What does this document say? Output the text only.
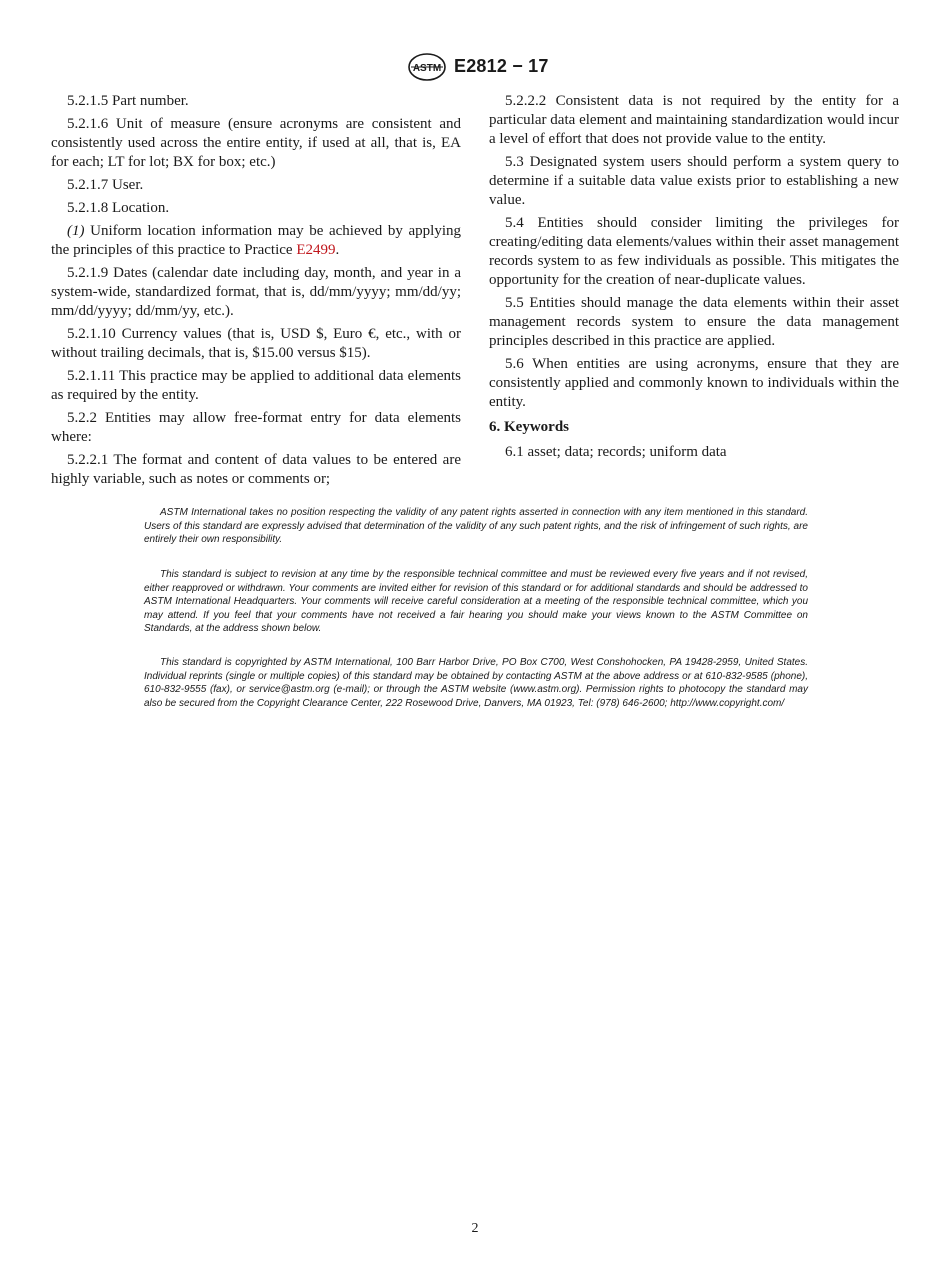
ASTM E2812 − 17

5.2.1.5 Part number.

5.2.1.6 Unit of measure (ensure acronyms are consistent and consistently used across the entire entity, if used at all, that is, EA for each; LT for lot; BX for box; etc.)

5.2.1.7 User.

5.2.1.8 Location.

(1) Uniform location information may be achieved by applying the principles of this practice to Practice E2499.

5.2.1.9 Dates (calendar date including day, month, and year in a system-wide, standardized format, that is, dd/mm/yyyy; mm/dd/yy; mm/dd/yyyy; dd/mm/yy, etc.).

5.2.1.10 Currency values (that is, USD $, Euro €, etc., with or without trailing decimals, that is, $15.00 versus $15).

5.2.1.11 This practice may be applied to additional data elements as required by the entity.

5.2.2 Entities may allow free-format entry for data elements where:

5.2.2.1 The format and content of data values to be entered are highly variable, such as notes or comments or;

5.2.2.2 Consistent data is not required by the entity for a particular data element and maintaining standardization would incur a level of effort that does not provide value to the entity.

5.3 Designated system users should perform a system query to determine if a suitable data value exists prior to establishing a new value.

5.4 Entities should consider limiting the privileges for creating/editing data elements/values within their asset management records system to as few individuals as possible. This mitigates the opportunity for the creation of near-duplicate values.

5.5 Entities should manage the data elements within their asset management records system to ensure the data management principles described in this practice are applied.

5.6 When entities are using acronyms, ensure that they are consistently applied and commonly known to individuals within the entity.

6. Keywords

6.1 asset; data; records; uniform data

ASTM International takes no position respecting the validity of any patent rights asserted in connection with any item mentioned in this standard. Users of this standard are expressly advised that determination of the validity of any such patent rights, and the risk of infringement of such rights, are entirely their own responsibility.

This standard is subject to revision at any time by the responsible technical committee and must be reviewed every five years and if not revised, either reapproved or withdrawn. Your comments are invited either for revision of this standard or for additional standards and should be addressed to ASTM International Headquarters. Your comments will receive careful consideration at a meeting of the responsible technical committee, which you may attend. If you feel that your comments have not received a fair hearing you should make your views known to the ASTM Committee on Standards, at the address shown below.

This standard is copyrighted by ASTM International, 100 Barr Harbor Drive, PO Box C700, West Conshohocken, PA 19428-2959, United States. Individual reprints (single or multiple copies) of this standard may be obtained by contacting ASTM at the above address or at 610-832-9585 (phone), 610-832-9555 (fax), or service@astm.org (e-mail); or through the ASTM website (www.astm.org). Permission rights to photocopy the standard may also be secured from the Copyright Clearance Center, 222 Rosewood Drive, Danvers, MA 01923, Tel: (978) 646-2600; http://www.copyright.com/

2
